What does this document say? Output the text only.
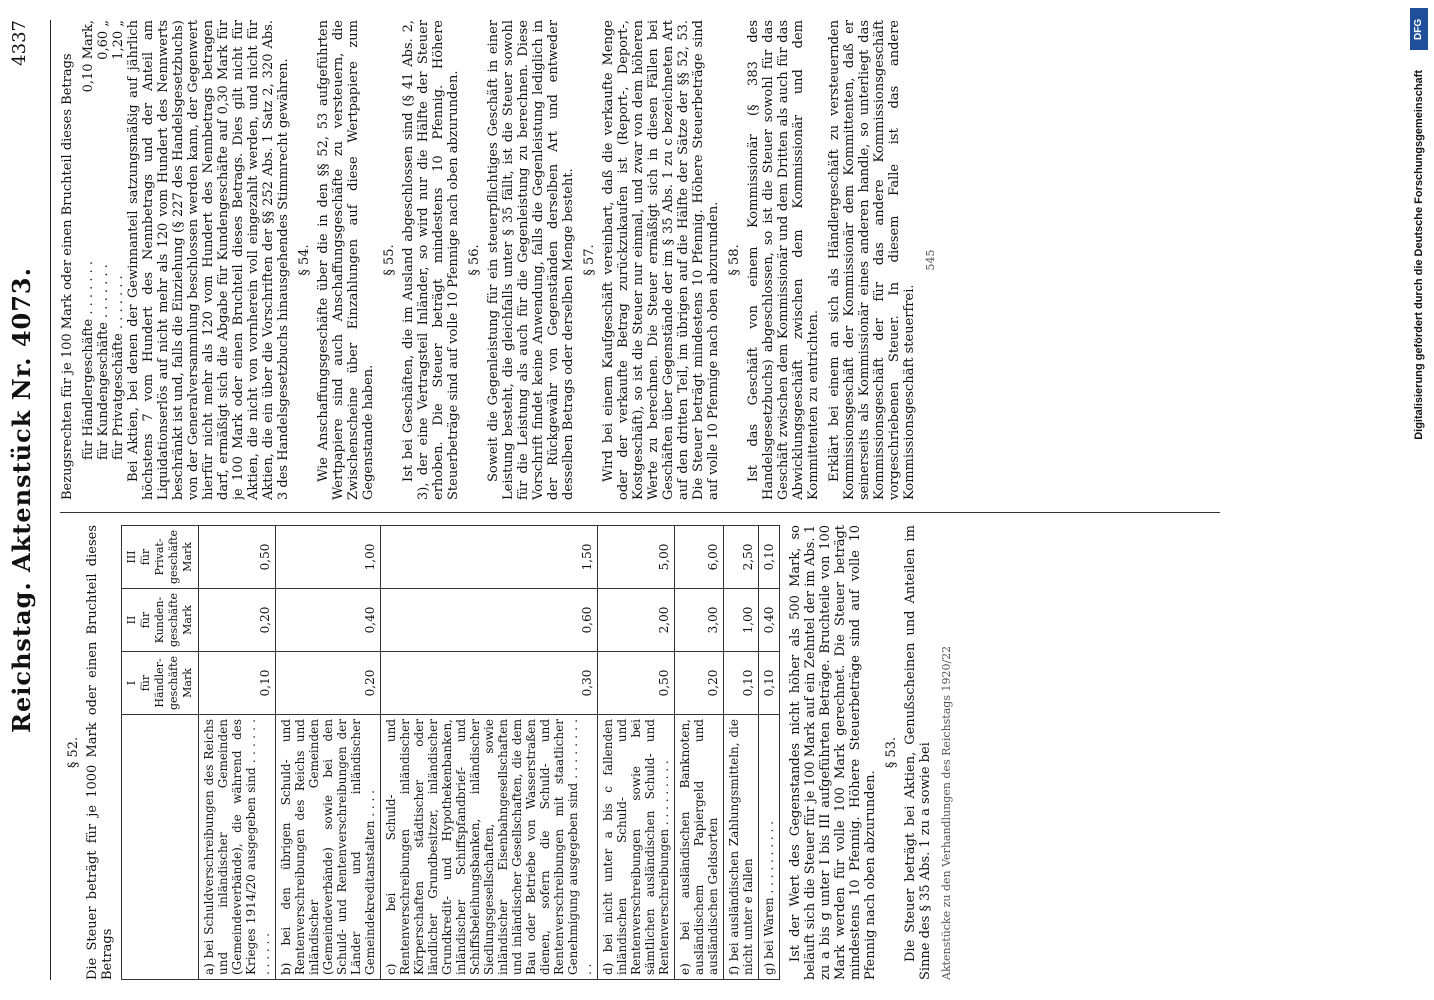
Reichstag. Aktenstück Nr. 4073.
4337
§ 52. Die Steuer beträgt für je 1000 Mark oder einen Bruchteil dieses Betrags

	I
für Händler-geschäfte Mark	II
für Kunden-geschäfte Mark	III
für Privat-geschäfte Mark
a) bei Schuldverschreibungen des Reichs und inländischer Gemeinden (Gemeindeverbände), die während des Krieges 1914/20 ausgegeben sind . . . . . . . . . . . .	0,10	0,20	0,50
b) bei den übrigen Schuld- und Rentenverschreibungen des Reichs und inländischer Gemeinden (Gemeindeverbände) sowie bei den Schuld- und Rentenverschreibungen der Länder und inländischer Gemeindekreditanstalten . . . .	0,20	0,40	1,00
c) bei Schuld- und Rentenverschreibungen inländischer Körperschaften städtischer oder ländlicher Grundbesitzer, inländischer Grundkredit- und Hypothekenbanken, inländischer Schiffspfandbrief- und Schiffsbeleihungsbanken, inländischer Siedlungsgesellschaften, sowie inländischer Eisenbahngesellschaften und inländischer Gesellschaften, die dem Bau oder Betriebe von Wasserstraßen dienen, sofern die Schuld- und Rentenverschreibungen mit staatlicher Genehmigung ausgegeben sind . . . . . . . . . .	0,30	0,60	1,50
d) bei nicht unter a bis c fallenden inländischen Schuld- und Rentenverschreibungen sowie bei sämtlichen ausländischen Schuld- und Rentenverschreibungen . . . . . . . . .	0,50	2,00	5,00
e) bei ausländischen Banknoten, ausländischem Papiergeld und ausländischen Geldsorten	0,20	3,00	6,00
f) bei ausländischen Zahlungsmitteln, die nicht unter e fallen	0,10	1,00	2,50
g) bei Waren . . . . . . . . . .	0,10	0,40	0,10 Ist der Wert des Gegenstandes nicht höher als 500 Mark, so beläuft sich die Steuer für je 100 Mark auf ein Zehntel der im Abs. 1 zu a bis g unter I bis III aufgeführten Beträge. Bruchteile von 100 Mark werden für volle 100 Mark gerechnet. Die Steuer beträgt mindestens 10 Pfennig. Höhere Steuerbeträge sind auf volle 10 Pfennig nach oben abzurunden.

§ 53. Die Steuer beträgt bei Aktien, Genußscheinen und Anteilen im Sinne des § 35 Abs. 1 zu a sowie bei Aktenstücke zu den Verhandlungen des Reichstags 1920/22

Bezugsrechten für je 100 Mark oder einen Bruchteil dieses Betrags für Händlergeschäfte . . . . . . .
0,10 Mark,
für Kundengeschäfte . . . . . . .
0,60 „
für Privatgeschäfte . . . . . . .
1,20 „ Bei Aktien, bei denen der Gewinnanteil satzungsmäßig auf jährlich höchstens 7 vom Hundert des Nennbetrags und der Anteil am Liquidationserlös auf nicht mehr als 120 vom Hundert des Nennwerts beschränkt ist und, falls die Einziehung (§ 227 des Handelsgesetzbuchs) von der Generalversammlung beschlossen werden kann, der Gegenwert hierfür nicht mehr als 120 vom Hundert des Nennbetrags betragen darf, ermäßigt sich die Abgabe für Kundengeschäfte auf 0,30 Mark für je 100 Mark oder einen Bruchteil dieses Betrags. Dies gilt nicht für Aktien, die nicht von vornherein voll eingezahlt werden, und nicht für Aktien, die ein über die Vorschriften der §§ 252 Abs. 1 Satz 2, 320 Abs. 3 des Handelsgesetzbuchs hinausgehendes Stimmrecht gewähren. § 54. Wie Anschaffungsgeschäfte über die in den §§ 52, 53 aufgeführten Wertpapiere sind auch Anschaffungsgeschäfte zu versteuern, die Zwischenscheine über Einzahlungen auf diese Wertpapiere zum Gegenstande haben.

§ 55. Ist bei Geschäften, die im Ausland abgeschlossen sind (§ 41 Abs. 2, 3), der eine Vertragsteil Inländer, so wird nur die Hälfte der Steuer erhoben. Die Steuer beträgt mindestens 10 Pfennig. Höhere Steuerbeträge sind auf volle 10 Pfennige nach oben abzurunden. § 56. Soweit die Gegenleistung für ein steuerpflichtiges Geschäft in einer Leistung besteht, die gleichfalls unter § 35 fällt, ist die Steuer sowohl für die Leistung als auch für die Gegenleistung zu berechnen. Diese Vorschrift findet keine Anwendung, falls die Gegenleistung lediglich in der Rückgewähr von Gegenständen derselben Art und entweder desselben Betrags oder derselben Menge besteht. § 57. Wird bei einem Kaufgeschäft vereinbart, daß die verkaufte Menge oder der verkaufte Betrag zurückzukaufen ist (Report-, Deport-, Kostgeschäft), so ist die Steuer nur einmal, und zwar von dem höheren Werte zu berechnen. Die Steuer ermäßigt sich in diesen Fällen bei Geschäften über Gegenstände der im § 35 Abs. 1 zu c bezeichneten Art auf den dritten Teil, im übrigen auf die Hälfte der Sätze der §§ 52, 53. Die Steuer beträgt mindestens 10 Pfennig. Höhere Steuerbeträge sind auf volle 10 Pfennige nach oben abzurunden. § 58. Ist das Geschäft von einem Kommissionär (§ 383 des Handelsgesetzbuchs) abgeschlossen, so ist die Steuer sowohl für das Geschäft zwischen dem Kommissionär und dem Dritten als auch für das Abwicklungsgeschäft zwischen dem Kommissionär und dem Kommittenten zu entrichten. Erklärt bei einem an sich als Händlergeschäft zu versteuernden Kommissionsgeschäft der Kommissionär dem Kommittenten, daß er seinerseits als Kommissionär eines anderen handle, so unterliegt das Kommissionsgeschäft der für das andere Kommissionsgeschäft vorgeschriebenen Steuer. In diesem Falle ist das andere Kommissionsgeschäft steuerfrei.

545
DFG
Digitalisierung gefördert durch die Deutsche Forschungsgemeinschaft
